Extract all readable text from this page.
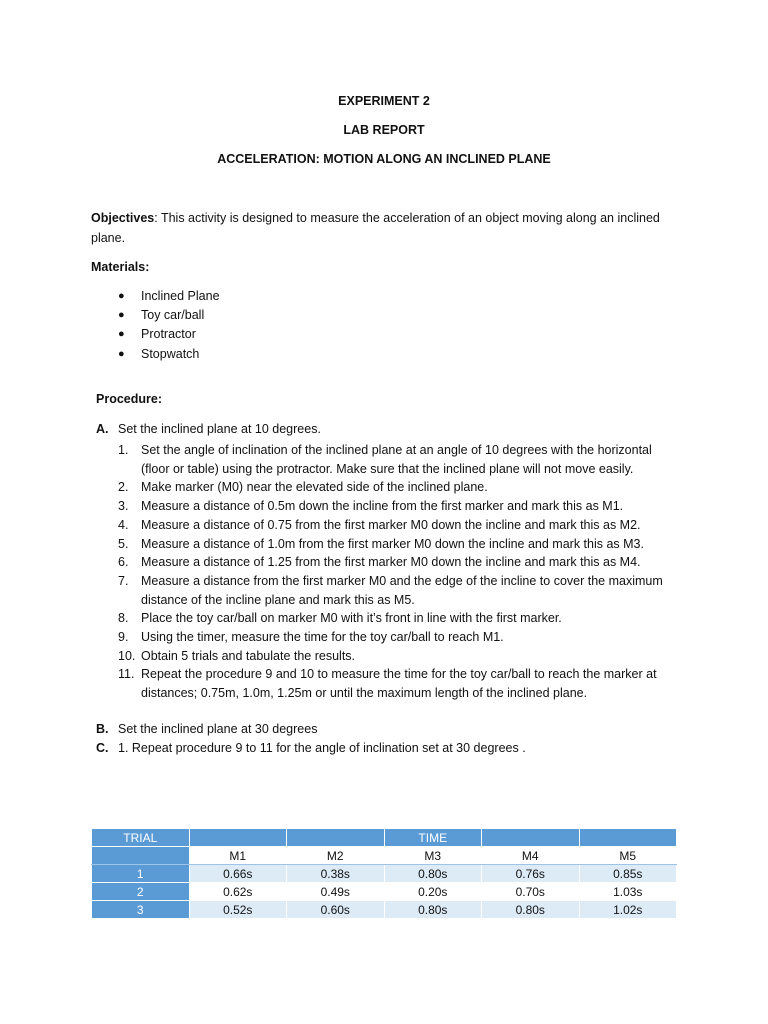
EXPERIMENT 2
LAB REPORT
ACCELERATION: MOTION ALONG AN INCLINED PLANE
Objectives: This activity is designed to measure the acceleration of an object moving along an inclined plane.
Materials:
●	Inclined Plane
●	Toy car/ball
●	Protractor
●	Stopwatch
Procedure:
A. Set the inclined plane at 10 degrees.
1.	Set the angle of inclination of the inclined plane at an angle of 10 degrees with the horizontal (floor or table) using the protractor. Make sure that the inclined plane will not move easily.
2.	Make marker (M0) near the elevated side of the inclined plane.
3.	Measure a distance of 0.5m down the incline from the first marker and mark this as M1.
4.	Measure a distance of 0.75 from the first marker M0 down the incline and mark this as M2.
5.	Measure a distance of 1.0m from the first marker M0 down the incline and mark this as M3.
6.	Measure a distance of 1.25 from the first marker M0 down the incline and mark this as M4.
7.	Measure a distance from the first marker M0 and the edge of the incline to cover the maximum distance of the incline plane and mark this as M5.
8.	Place the toy car/ball on marker M0 with it’s front in line with the first marker.
9.	Using the timer, measure the time for the toy car/ball to reach M1.
10. Obtain 5 trials and tabulate the results.
11. Repeat the procedure 9 and 10 to measure the time for the toy car/ball to reach the marker at distances; 0.75m, 1.0m, 1.25m or until the maximum length of the inclined plane.
B. Set the inclined plane at 30 degrees
C. 1. Repeat procedure 9 to 11 for the angle of inclination set at 30 degrees .
TRIAL			TIME		
	M1	M2	M3	M4	M5
1	0.66s	0.38s	0.80s	0.76s	0.85s
2	0.62s	0.49s	0.20s	0.70s	1.03s
3	0.52s	0.60s	0.80s	0.80s	1.02s
